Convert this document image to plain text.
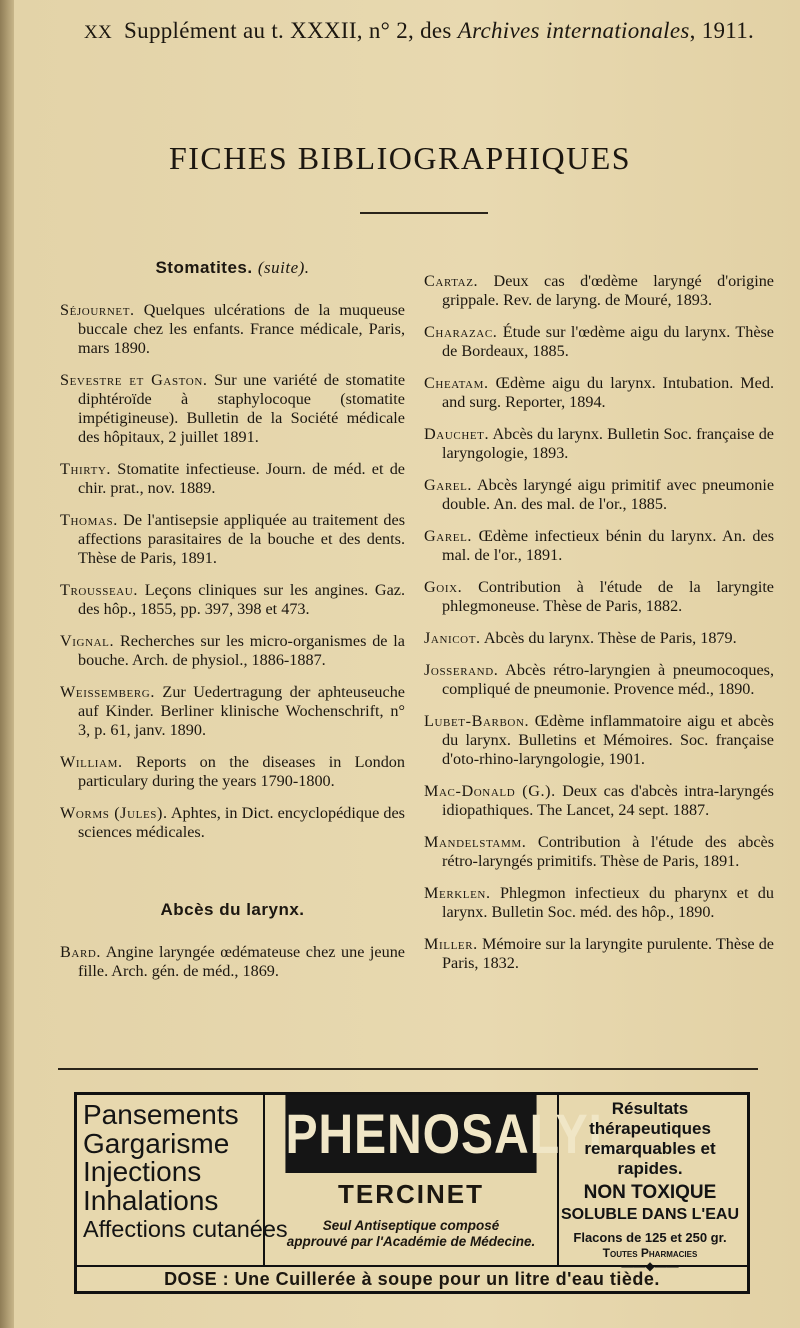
XX Supplément au t. XXXII, n° 2, des Archives internationales, 1911.
FICHES BIBLIOGRAPHIQUES
Stomatites. (suite).

Séjournet. Quelques ulcérations de la muqueuse buccale chez les enfants. France médicale, Paris, mars 1890.

Sevestre et Gaston. Sur une variété de stomatite diphtéroïde à staphylocoque (stomatite impétigineuse). Bulletin de la Société médicale des hôpitaux, 2 juillet 1891.

Thirty. Stomatite infectieuse. Journ. de méd. et de chir. prat., nov. 1889.

Thomas. De l'antisepsie appliquée au traitement des affections parasitaires de la bouche et des dents. Thèse de Paris, 1891.

Trousseau. Leçons cliniques sur les angines. Gaz. des hôp., 1855, pp. 397, 398 et 473.

Vignal. Recherches sur les micro-organismes de la bouche. Arch. de physiol., 1886-1887.

Weissemberg. Zur Uedertragung der aphteuseuche auf Kinder. Berliner klinische Wochenschrift, n° 3, p. 61, janv. 1890.

William. Reports on the diseases in London particulary during the years 1790-1800.

Worms (Jules). Aphtes, in Dict. encyclopédique des sciences médicales.

Abcès du larynx.

Bard. Angine laryngée œdémateuse chez une jeune fille. Arch. gén. de méd., 1869.

Cartaz. Deux cas d'œdème laryngé d'origine grippale. Rev. de laryng. de Mouré, 1893.

Charazac. Étude sur l'œdème aigu du larynx. Thèse de Bordeaux, 1885.

Cheatam. Œdème aigu du larynx. Intubation. Med. and surg. Reporter, 1894.

Dauchet. Abcès du larynx. Bulletin Soc. française de laryngologie, 1893.

Garel. Abcès laryngé aigu primitif avec pneumonie double. An. des mal. de l'or., 1885.

Garel. Œdème infectieux bénin du larynx. An. des mal. de l'or., 1891.

Goix. Contribution à l'étude de la laryngite phlegmoneuse. Thèse de Paris, 1882.

Janicot. Abcès du larynx. Thèse de Paris, 1879.

Josserand. Abcès rétro-laryngien à pneumocoques, compliqué de pneumonie. Provence méd., 1890.

Lubet-Barbon. Œdème inflammatoire aigu et abcès du larynx. Bulletins et Mémoires. Soc. française d'oto-rhino-laryngologie, 1901.

Mac-Donald (G.). Deux cas d'abcès intra-laryngés idiopathiques. The Lancet, 24 sept. 1887.

Mandelstamm. Contribution à l'étude des abcès rétro-laryngés primitifs. Thèse de Paris, 1891.

Merklen. Phlegmon infectieux du pharynx et du larynx. Bulletin Soc. méd. des hôp., 1890.

Miller. Mémoire sur la laryngite purulente. Thèse de Paris, 1832.

Pansements
Gargarisme
Injections
Inhalations
Affections cutanées
PHENOSALYL
TERCINET
Seul Antiseptique composé
approuvé par l'Académie de Médecine.
Résultats thérapeutiques
remarquables et rapides.
NON TOXIQUE
SOLUBLE DANS L'EAU
Flacons de 125 et 250 gr.
Toutes Pharmacies
——◆——
DOSE : Une Cuillerée à soupe pour un litre d'eau tiède.
